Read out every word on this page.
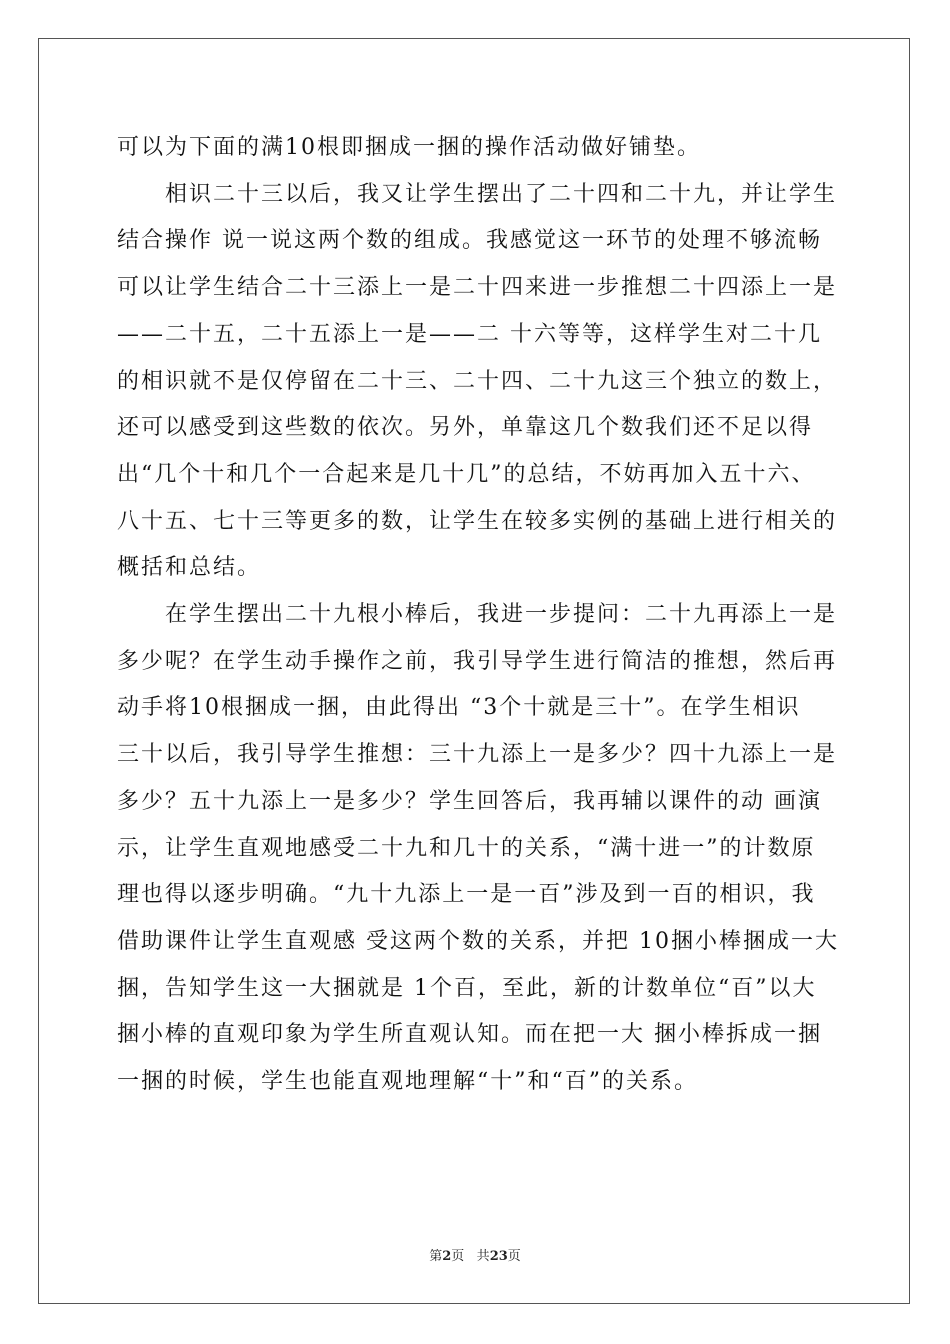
可以为下面的满10根即捆成一捆的操作活动做好铺垫。

相识二十三以后，我又让学生摆出了二十四和二十九，并让学生

结合操作 说一说这两个数的组成。我感觉这一环节的处理不够流畅

可以让学生结合二十三添上一是二十四来进一步推想二十四添上一是

——二十五，二十五添上一是——二 十六等等，这样学生对二十几

的相识就不是仅停留在二十三、二十四、二十九这三个独立的数上，

还可以感受到这些数的依次。另外，单靠这几个数我们还不足以得

出“几个十和几个一合起来是几十几”的总结，不妨再加入五十六、

八十五、七十三等更多的数，让学生在较多实例的基础上进行相关的

概括和总结。

在学生摆出二十九根小棒后，我进一步提问：二十九再添上一是

多少呢？在学生动手操作之前，我引导学生进行简洁的推想，然后再

动手将10根捆成一捆，由此得出 “3个十就是三十”。在学生相识

三十以后，我引导学生推想：三十九添上一是多少？四十九添上一是

多少？五十九添上一是多少？学生回答后，我再辅以课件的动 画演

示，让学生直观地感受二十九和几十的关系，“满十进一”的计数原

理也得以逐步明确。“九十九添上一是一百”涉及到一百的相识，我

借助课件让学生直观感 受这两个数的关系，并把 10捆小棒捆成一大

捆，告知学生这一大捆就是 1个百，至此，新的计数单位“百”以大

捆小棒的直观印象为学生所直观认知。而在把一大 捆小棒拆成一捆

一捆的时候，学生也能直观地理解“十”和“百”的关系。

第2页 共23页
